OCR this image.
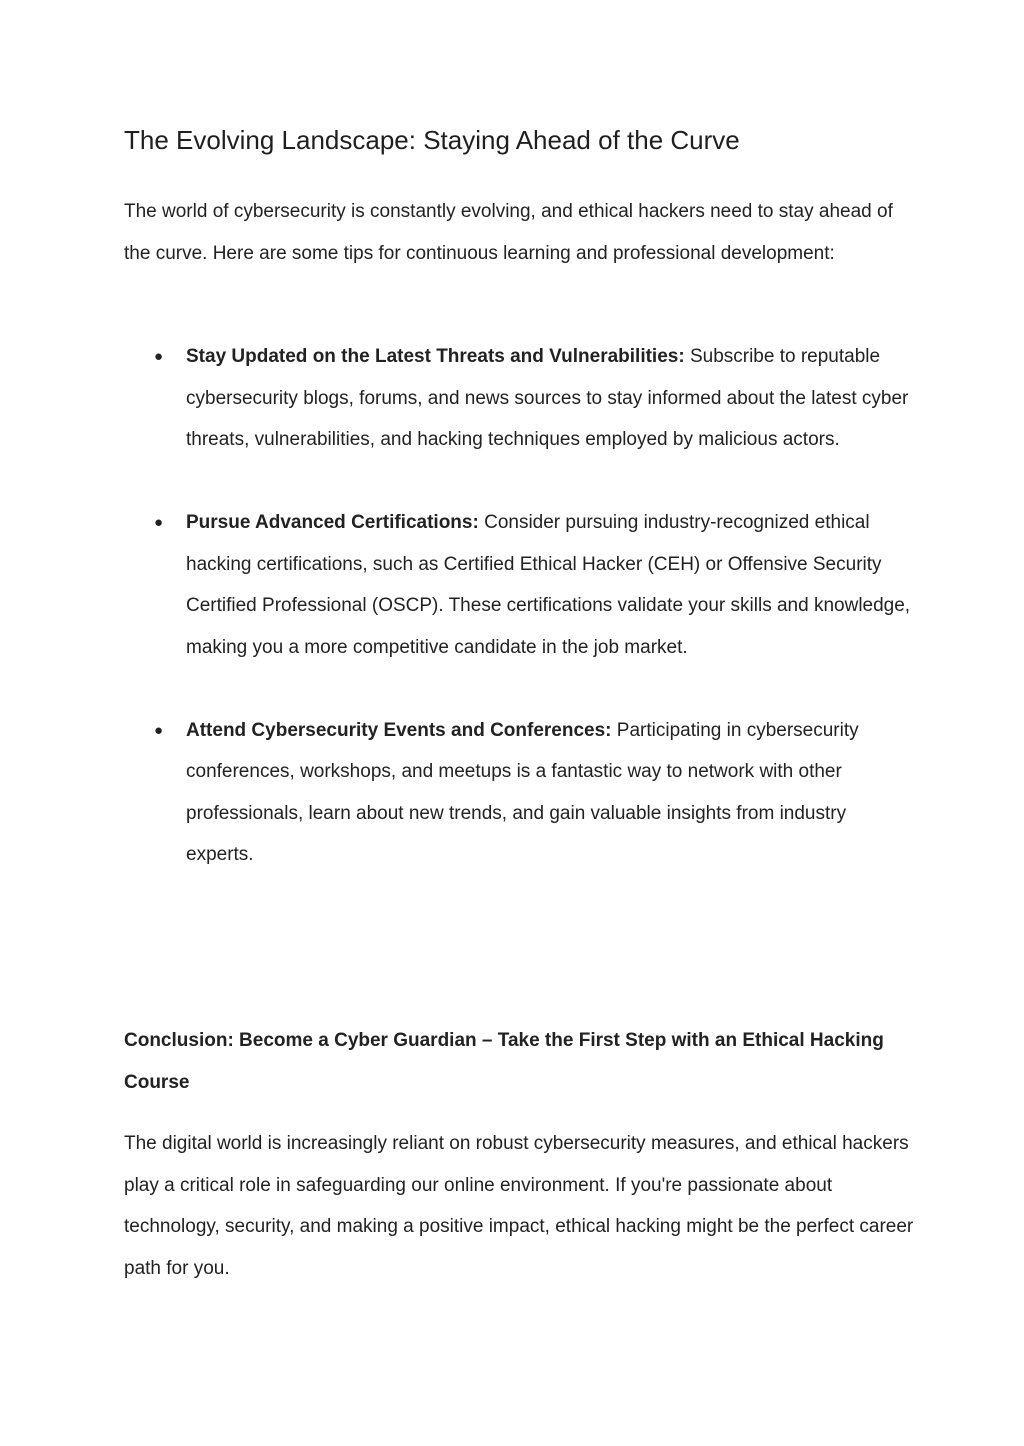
The Evolving Landscape: Staying Ahead of the Curve

The world of cybersecurity is constantly evolving, and ethical hackers need to stay ahead of the curve. Here are some tips for continuous learning and professional development:

● Stay Updated on the Latest Threats and Vulnerabilities: Subscribe to reputable cybersecurity blogs, forums, and news sources to stay informed about the latest cyber threats, vulnerabilities, and hacking techniques employed by malicious actors.
● Pursue Advanced Certifications: Consider pursuing industry-recognized ethical hacking certifications, such as Certified Ethical Hacker (CEH) or Offensive Security Certified Professional (OSCP). These certifications validate your skills and knowledge, making you a more competitive candidate in the job market.
● Attend Cybersecurity Events and Conferences: Participating in cybersecurity conferences, workshops, and meetups is a fantastic way to network with other professionals, learn about new trends, and gain valuable insights from industry experts.
Conclusion: Become a Cyber Guardian – Take the First Step with an Ethical Hacking Course

The digital world is increasingly reliant on robust cybersecurity measures, and ethical hackers play a critical role in safeguarding our online environment. If you're passionate about technology, security, and making a positive impact, ethical hacking might be the perfect career path for you.
